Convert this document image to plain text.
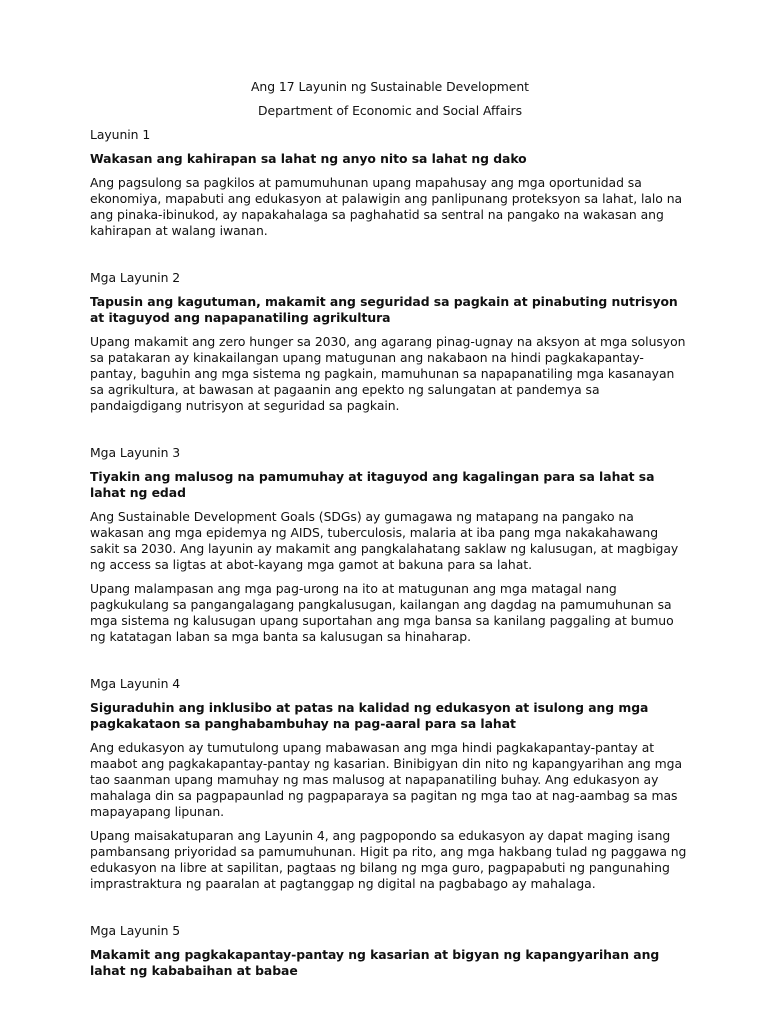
Ang 17 Layunin ng Sustainable Development

Department of Economic and Social Affairs

Layunin 1

Wakasan ang kahirapan sa lahat ng anyo nito sa lahat ng dako

Ang pagsulong sa pagkilos at pamumuhunan upang mapahusay ang mga oportunidad sa ekonomiya, mapabuti ang edukasyon at palawigin ang panlipunang proteksyon sa lahat, lalo na ang pinaka-ibinukod, ay napakahalaga sa paghahatid sa sentral na pangako na wakasan ang kahirapan at walang iwanan.

Mga Layunin 2

Tapusin ang kagutuman, makamit ang seguridad sa pagkain at pinabuting nutrisyon at itaguyod ang napapanatiling agrikultura

Upang makamit ang zero hunger sa 2030, ang agarang pinag-ugnay na aksyon at mga solusyon sa patakaran ay kinakailangan upang matugunan ang nakabaon na hindi pagkakapantay-pantay, baguhin ang mga sistema ng pagkain, mamuhunan sa napapanatiling mga kasanayan sa agrikultura, at bawasan at pagaanin ang epekto ng salungatan at pandemya sa pandaigdigang nutrisyon at seguridad sa pagkain.

Mga Layunin 3

Tiyakin ang malusog na pamumuhay at itaguyod ang kagalingan para sa lahat sa lahat ng edad

Ang Sustainable Development Goals (SDGs) ay gumagawa ng matapang na pangako na wakasan ang mga epidemya ng AIDS, tuberculosis, malaria at iba pang mga nakakahawang sakit sa 2030. Ang layunin ay makamit ang pangkalahatang saklaw ng kalusugan, at magbigay ng access sa ligtas at abot-kayang mga gamot at bakuna para sa lahat.

Upang malampasan ang mga pag-urong na ito at matugunan ang mga matagal nang pagkukulang sa pangangalagang pangkalusugan, kailangan ang dagdag na pamumuhunan sa mga sistema ng kalusugan upang suportahan ang mga bansa sa kanilang paggaling at bumuo ng katatagan laban sa mga banta sa kalusugan sa hinaharap.

Mga Layunin 4

Siguraduhin ang inklusibo at patas na kalidad ng edukasyon at isulong ang mga pagkakataon sa panghabambuhay na pag-aaral para sa lahat

Ang edukasyon ay tumutulong upang mabawasan ang mga hindi pagkakapantay-pantay at maabot ang pagkakapantay-pantay ng kasarian. Binibigyan din nito ng kapangyarihan ang mga tao saanman upang mamuhay ng mas malusog at napapanatiling buhay. Ang edukasyon ay mahalaga din sa pagpapaunlad ng pagpaparaya sa pagitan ng mga tao at nag-aambag sa mas mapayapang lipunan.

Upang maisakatuparan ang Layunin 4, ang pagpopondo sa edukasyon ay dapat maging isang pambansang priyoridad sa pamumuhunan. Higit pa rito, ang mga hakbang tulad ng paggawa ng edukasyon na libre at sapilitan, pagtaas ng bilang ng mga guro, pagpapabuti ng pangunahing imprastraktura ng paaralan at pagtanggap ng digital na pagbabago ay mahalaga.

Mga Layunin 5

Makamit ang pagkakapantay-pantay ng kasarian at bigyan ng kapangyarihan ang lahat ng kababaihan at babae
